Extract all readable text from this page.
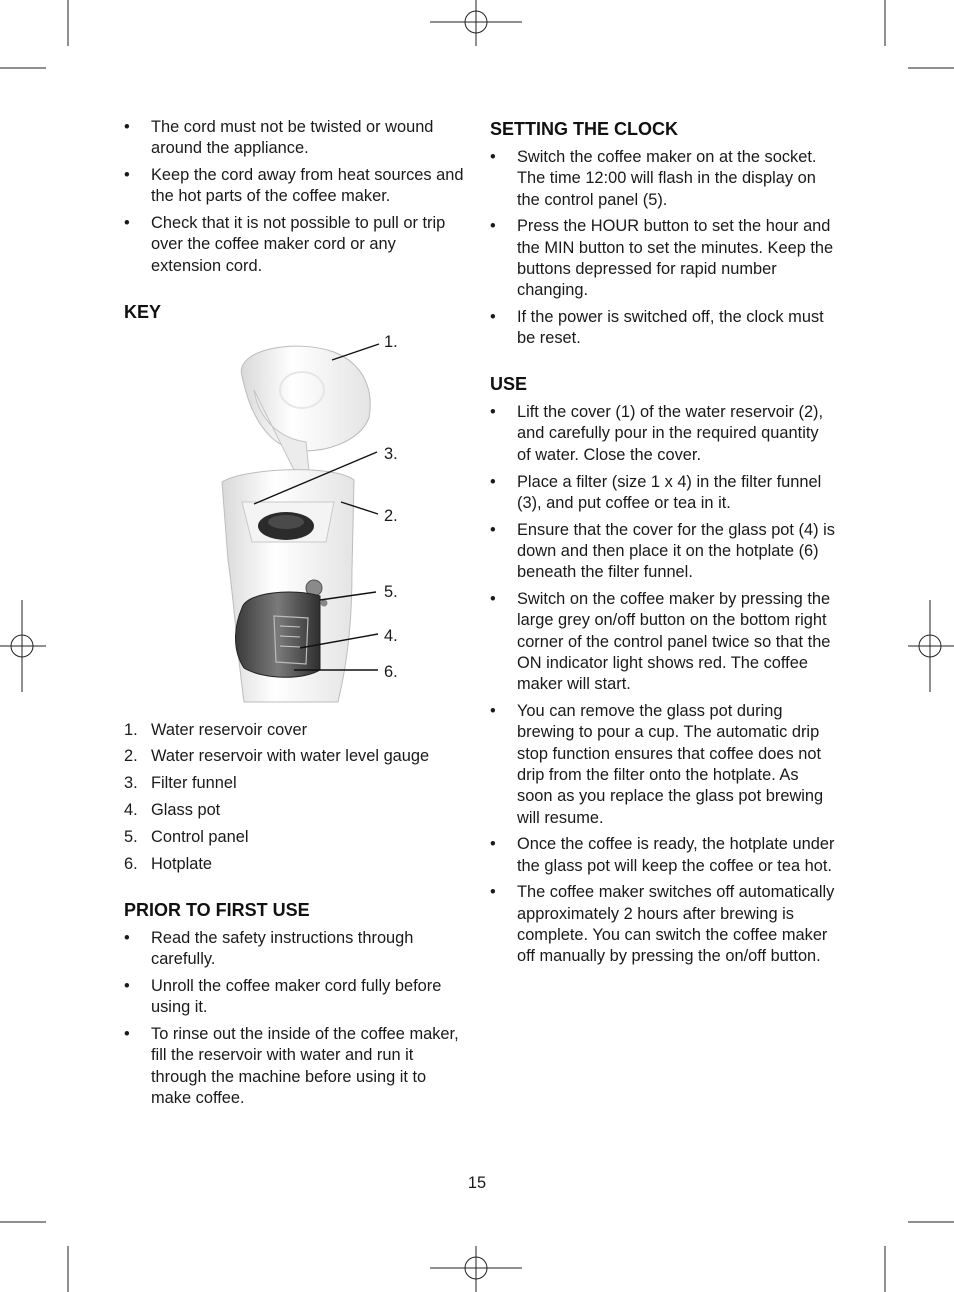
• The cord must not be twisted or wound around the appliance.
• Keep the cord away from heat sources and the hot parts of the coffee maker.
• Check that it is not possible to pull or trip over the coffee maker cord or any extension cord.
KEY
1.
3.
2.
5.
4.
6.
1. Water reservoir cover
2. Water reservoir with water level gauge
3. Filter funnel
4. Glass pot
5. Control panel
6. Hotplate
PRIOR TO FIRST USE
• Read the safety instructions through carefully.
• Unroll the coffee maker cord fully before using it.
• To rinse out the inside of the coffee maker, fill the reservoir with water and run it through the machine before using it to make coffee.
SETTING THE CLOCK
• Switch the coffee maker on at the socket. The time 12:00 will flash in the display on the control panel (5).
• Press the HOUR button to set the hour and the MIN button to set the minutes. Keep the buttons depressed for rapid number changing.
• If the power is switched off, the clock must be reset.
USE
• Lift the cover (1) of the water reservoir (2), and carefully pour in the required quantity of water. Close the cover.
• Place a filter (size 1 x 4) in the filter funnel (3), and put coffee or tea in it.
• Ensure that the cover for the glass pot (4) is down and then place it on the hotplate (6) beneath the filter funnel.
• Switch on the coffee maker by pressing the large grey on/off button on the bottom right corner of the control panel twice so that the ON indicator light shows red. The coffee maker will start.
• You can remove the glass pot during brewing to pour a cup. The automatic drip stop function ensures that coffee does not drip from the filter onto the hotplate. As soon as you replace the glass pot brewing will resume.
• Once the coffee is ready, the hotplate under the glass pot will keep the coffee or tea hot.
• The coffee maker switches off automatically approximately 2 hours after brewing is complete. You can switch the coffee maker off manually by pressing the on/off button.
15
